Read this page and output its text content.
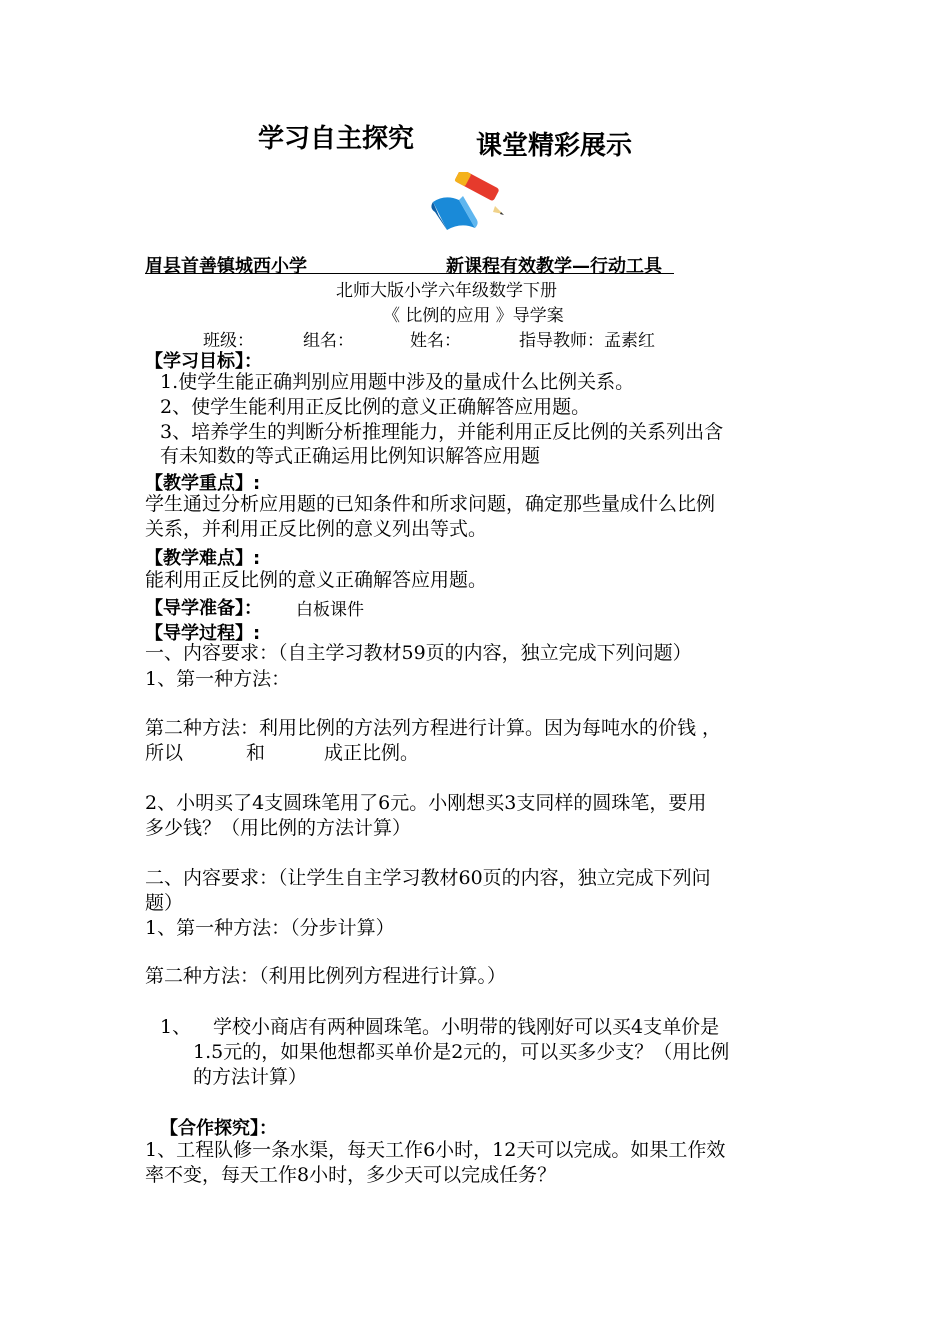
学习自主探究 课堂精彩展示
眉县首善镇城西小学	新课程有效教学—行动工具
北师大版小学六年级数学下册
《 比例的应用 》导学案
班级：	组名：	姓名：	指导教师：孟素红
【学习目标】：
1.使学生能正确判别应用题中涉及的量成什么比例关系。
2、使学生能利用正反比例的意义正确解答应用题。
3、培养学生的判断分析推理能力，并能利用正反比例的关系列出含
有未知数的等式正确运用比例知识解答应用题
【教学重点】:
学生通过分析应用题的已知条件和所求问题，确定那些量成什么比例
关系，并利用正反比例的意义列出等式。
【教学难点】:
能利用正反比例的意义正确解答应用题。
【导学准备】： 白板课件
【导学过程】:
一、内容要求：（自主学习教材59页的内容，独立完成下列问题）
1、第一种方法：
第二种方法：利用比例的方法列方程进行计算。因为每吨水的价钱 ，
所以	和	成正比例。
2、小明买了4支圆珠笔用了6元。小刚想买3支同样的圆珠笔，要用
多少钱？（用比例的方法计算）
二、内容要求：（让学生自主学习教材60页的内容，独立完成下列问
题）
1、第一种方法：（分步计算）
第二种方法：（利用比例列方程进行计算。）
1、 学校小商店有两种圆珠笔。小明带的钱刚好可以买4支单价是
1.5元的，如果他想都买单价是2元的，可以买多少支？（用比例
的方法计算）
【合作探究】：
1、工程队修一条水渠，每天工作6小时，12天可以完成。如果工作效
率不变，每天工作8小时，多少天可以完成任务？
